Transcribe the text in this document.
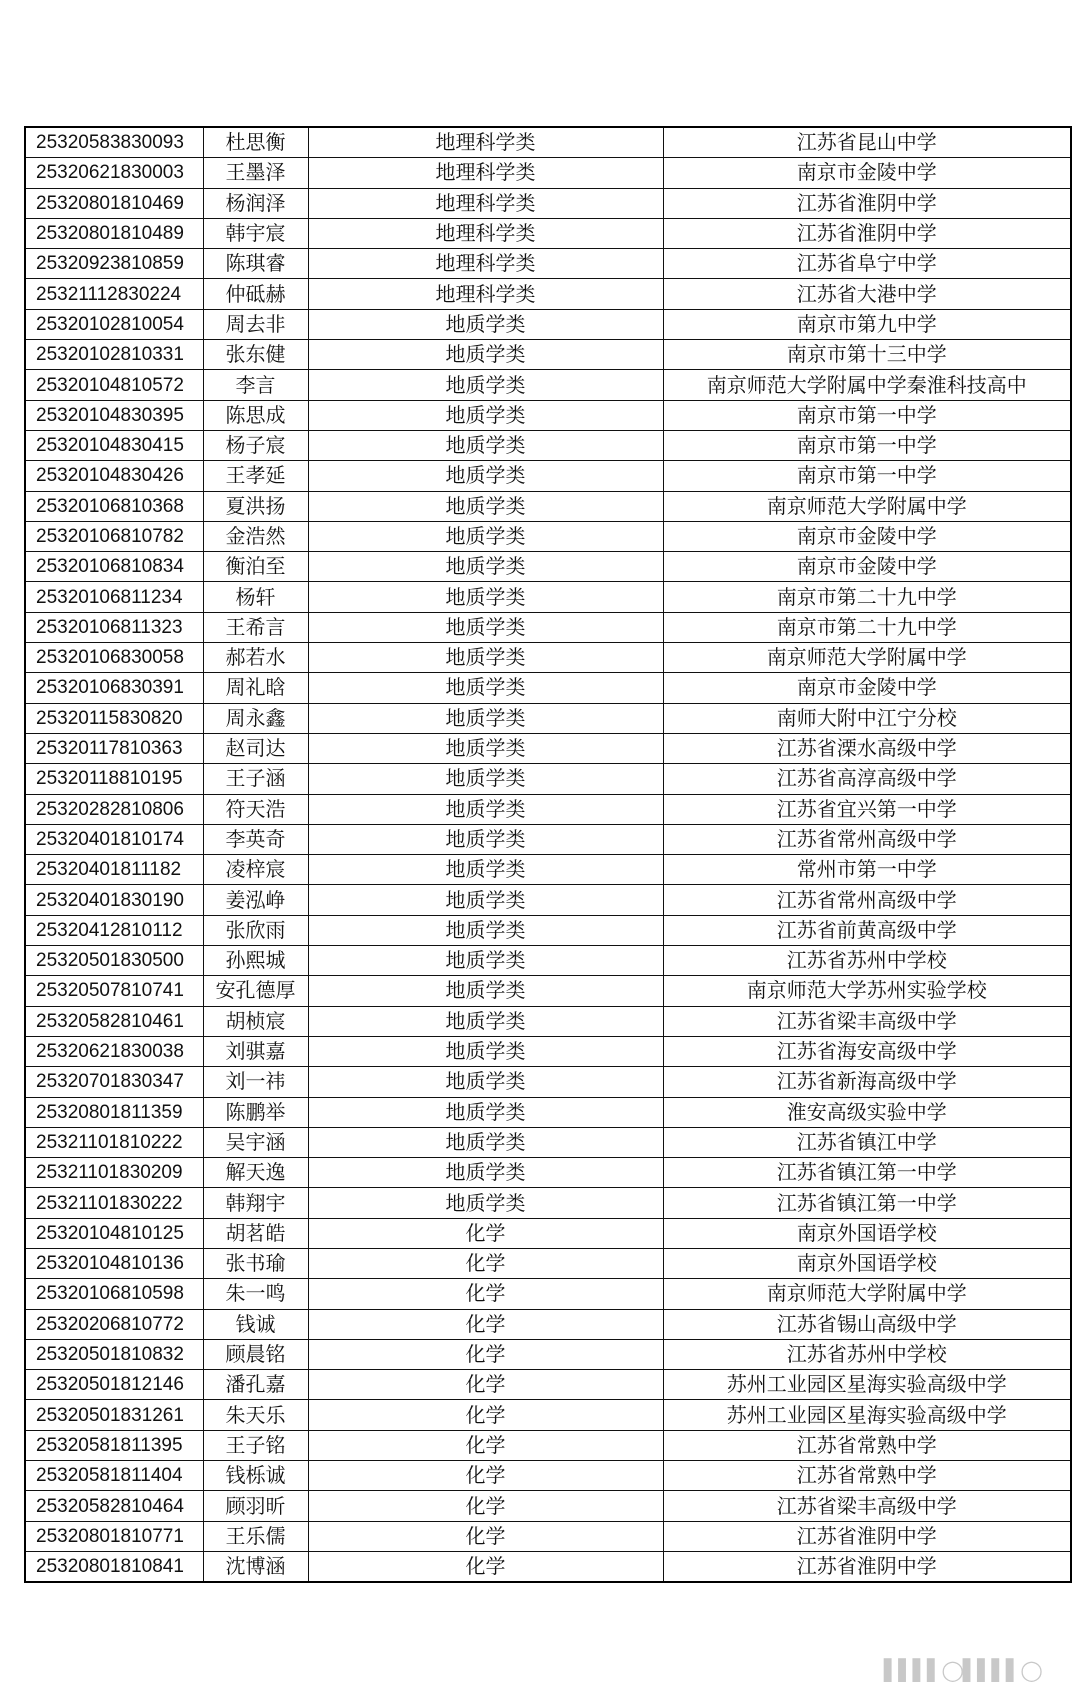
25320583830093	杜思衡	地理科学类	江苏省昆山中学
25320621830003	王墨泽	地理科学类	南京市金陵中学
25320801810469	杨润泽	地理科学类	江苏省淮阴中学
25320801810489	韩宇宸	地理科学类	江苏省淮阴中学
25320923810859	陈琪睿	地理科学类	江苏省阜宁中学
25321112830224	仲砥赫	地理科学类	江苏省大港中学
25320102810054	周去非	地质学类	南京市第九中学
25320102810331	张东健	地质学类	南京市第十三中学
25320104810572	李言	地质学类	南京师范大学附属中学秦淮科技高中
25320104830395	陈思成	地质学类	南京市第一中学
25320104830415	杨子宸	地质学类	南京市第一中学
25320104830426	王孝延	地质学类	南京市第一中学
25320106810368	夏洪扬	地质学类	南京师范大学附属中学
25320106810782	金浩然	地质学类	南京市金陵中学
25320106810834	衡泊至	地质学类	南京市金陵中学
25320106811234	杨轩	地质学类	南京市第二十九中学
25320106811323	王希言	地质学类	南京市第二十九中学
25320106830058	郝若水	地质学类	南京师范大学附属中学
25320106830391	周礼晗	地质学类	南京市金陵中学
25320115830820	周永鑫	地质学类	南师大附中江宁分校
25320117810363	赵司达	地质学类	江苏省溧水高级中学
25320118810195	王子涵	地质学类	江苏省高淳高级中学
25320282810806	符天浩	地质学类	江苏省宜兴第一中学
25320401810174	李英奇	地质学类	江苏省常州高级中学
25320401811182	凌梓宸	地质学类	常州市第一中学
25320401830190	姜泓峥	地质学类	江苏省常州高级中学
25320412810112	张欣雨	地质学类	江苏省前黄高级中学
25320501830500	孙熙城	地质学类	江苏省苏州中学校
25320507810741	安孔德厚	地质学类	南京师范大学苏州实验学校
25320582810461	胡桢宸	地质学类	江苏省梁丰高级中学
25320621830038	刘骐嘉	地质学类	江苏省海安高级中学
25320701830347	刘一祎	地质学类	江苏省新海高级中学
25320801811359	陈鹏举	地质学类	淮安高级实验中学
25321101810222	吴宇涵	地质学类	江苏省镇江中学
25321101830209	解天逸	地质学类	江苏省镇江第一中学
25321101830222	韩翔宇	地质学类	江苏省镇江第一中学
25320104810125	胡茗皓	化学	南京外国语学校
25320104810136	张书瑜	化学	南京外国语学校
25320106810598	朱一鸣	化学	南京师范大学附属中学
25320206810772	钱诚	化学	江苏省锡山高级中学
25320501810832	顾晨铭	化学	江苏省苏州中学校
25320501812146	潘孔嘉	化学	苏州工业园区星海实验高级中学
25320501831261	朱天乐	化学	苏州工业园区星海实验高级中学
25320581811395	王子铭	化学	江苏省常熟中学
25320581811404	钱栎诚	化学	江苏省常熟中学
25320582810464	顾羽昕	化学	江苏省梁丰高级中学
25320801810771	王乐儒	化学	江苏省淮阴中学
25320801810841	沈博涵	化学	江苏省淮阴中学
▌▌▌▌◯▌▌▌▌◯
